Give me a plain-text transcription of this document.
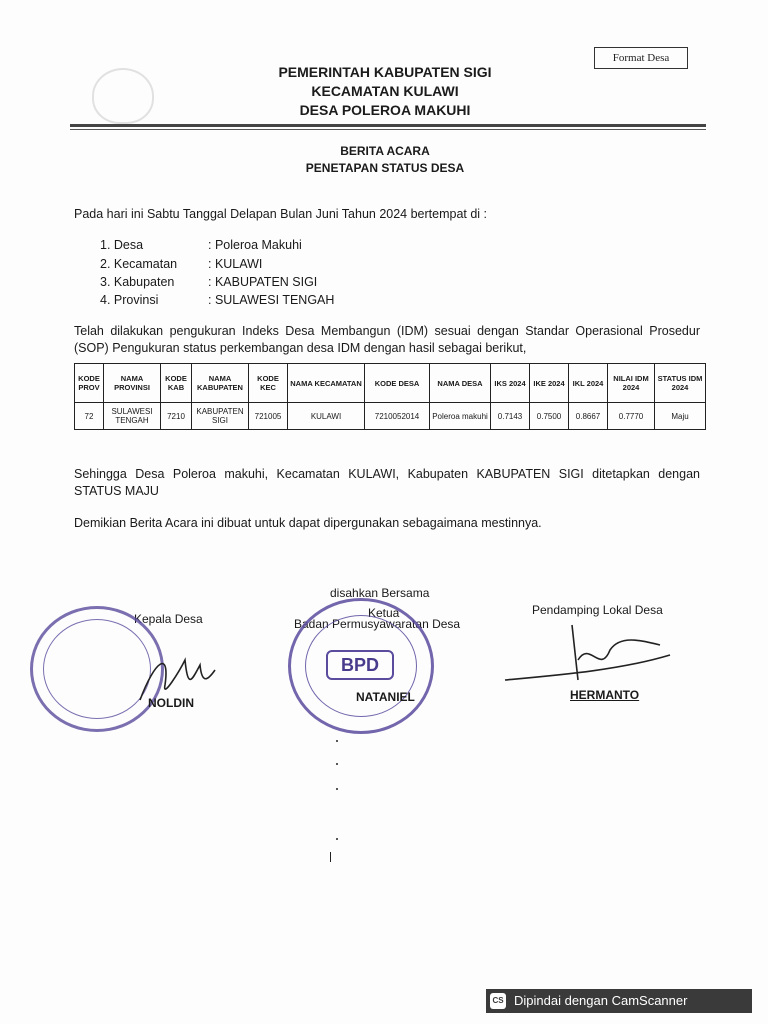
Format Desa
PEMERINTAH KABUPATEN SIGI
KECAMATAN KULAWI
DESA POLEROA MAKUHI
BERITA ACARA
PENETAPAN STATUS DESA
Pada hari ini Sabtu Tanggal Delapan Bulan Juni Tahun 2024 bertempat di :
1. Desa	: Poleroa Makuhi
2. Kecamatan : KULAWI
3. Kabupaten	: KABUPATEN SIGI
4. Provinsi	: SULAWESI TENGAH
Telah dilakukan pengukuran Indeks Desa Membangun (IDM) sesuai dengan Standar Operasional Prosedur (SOP) Pengukuran status perkembangan desa IDM dengan hasil sebagai berikut,
KODE PROV	NAMA PROVINSI	KODE KAB	NAMA KABUPATEN	KODE KEC	NAMA KECAMATAN	KODE DESA	NAMA DESA	IKS 2024	IKE 2024	IKL 2024	NILAI IDM 2024	STATUS IDM 2024
72	SULAWESI TENGAH	7210	KABUPATEN SIGI	721005	KULAWI	7210052014	Poleroa makuhi	0.7143	0.7500	0.8667	0.7770	Maju
Sehingga Desa Poleroa makuhi, Kecamatan KULAWI, Kabupaten KABUPATEN SIGI ditetapkan dengan STATUS MAJU
Demikian Berita Acara ini dibuat untuk dapat dipergunakan sebagaimana mestinnya.
disahkan Bersama
Ketua
Badan Permusyawaratan Desa
Kepala Desa
Pendamping Lokal Desa
BPD
NOLDIN	NATANIEL	HERMANTO
CS Dipindai dengan CamScanner
